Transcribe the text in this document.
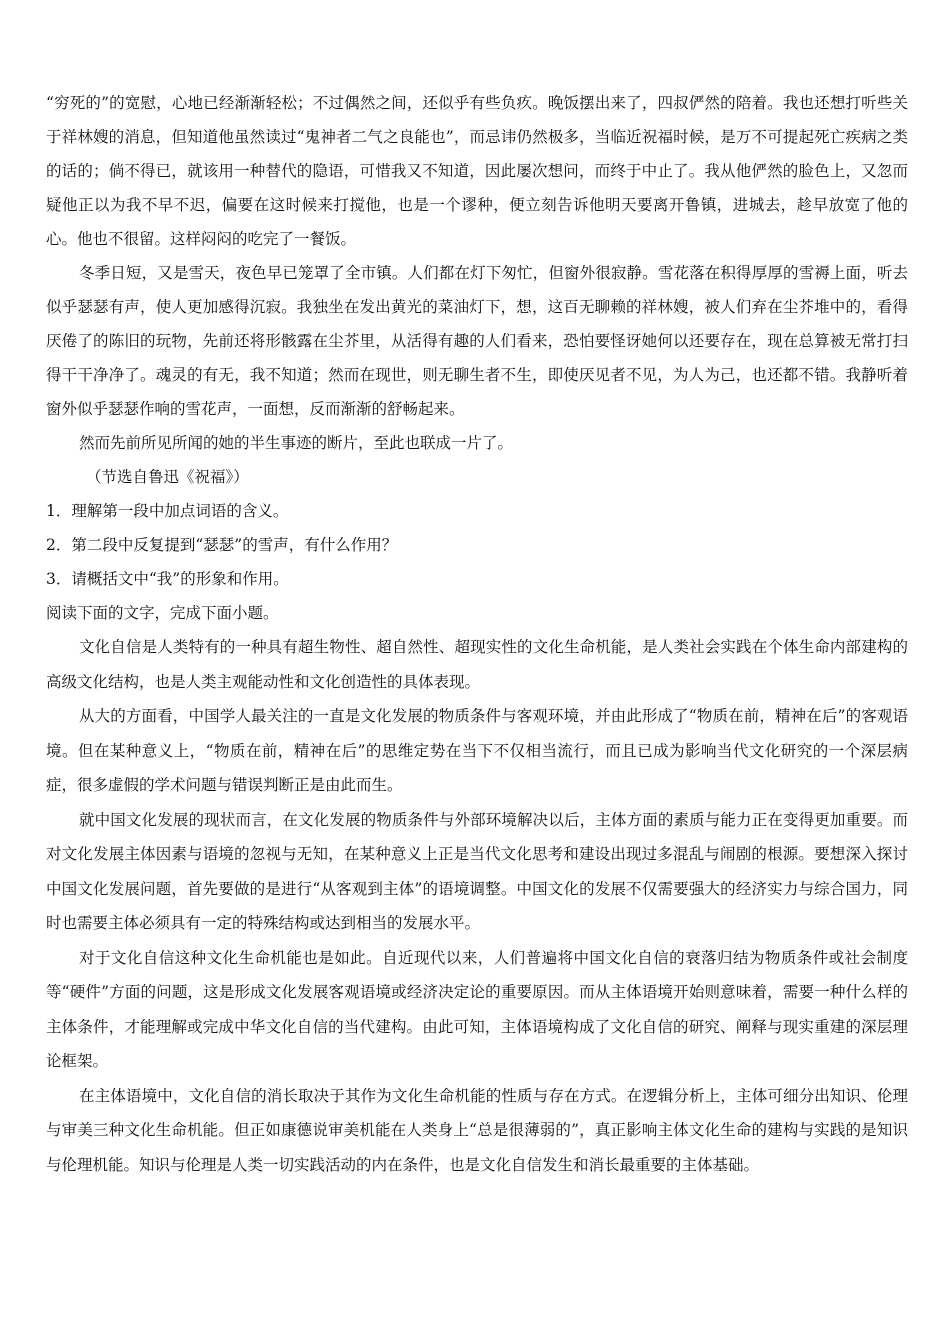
“穷死的”的宽慰，心地已经渐渐轻松；不过偶然之间，还似乎有些负疚。晚饭摆出来了，四叔俨然的陪着。我也还想打听些关于祥林嫂的消息，但知道他虽然读过“鬼神者二气之良能也”，而忌讳仍然极多，当临近祝福时候，是万不可提起死亡疾病之类的话的；倘不得已，就该用一种替代的隐语，可惜我又不知道，因此屡次想问，而终于中止了。我从他俨然的脸色上，又忽而疑他正以为我不早不迟，偏要在这时候来打搅他，也是一个谬种，便立刻告诉他明天要离开鲁镇，进城去，趁早放宽了他的心。他也不很留。这样闷闷的吃完了一餐饭。

冬季日短，又是雪天，夜色早已笼罩了全市镇。人们都在灯下匆忙，但窗外很寂静。雪花落在积得厚厚的雪褥上面，听去似乎瑟瑟有声，使人更加感得沉寂。我独坐在发出黄光的菜油灯下，想，这百无聊赖的祥林嫂，被人们弃在尘芥堆中的，看得厌倦了的陈旧的玩物，先前还将形骸露在尘芥里，从活得有趣的人们看来，恐怕要怪讶她何以还要存在，现在总算被无常打扫得干干净净了。魂灵的有无，我不知道；然而在现世，则无聊生者不生，即使厌见者不见，为人为己，也还都不错。我静听着窗外似乎瑟瑟作响的雪花声，一面想，反而渐渐的舒畅起来。

然而先前所见所闻的她的半生事迹的断片，至此也联成一片了。

（节选自鲁迅《祝福》）

1．理解第一段中加点词语的含义。

2．第二段中反复提到“瑟瑟”的雪声，有什么作用？

3．请概括文中“我”的形象和作用。

阅读下面的文字，完成下面小题。

文化自信是人类特有的一种具有超生物性、超自然性、超现实性的文化生命机能，是人类社会实践在个体生命内部建构的高级文化结构，也是人类主观能动性和文化创造性的具体表现。

从大的方面看，中国学人最关注的一直是文化发展的物质条件与客观环境，并由此形成了“物质在前，精神在后”的客观语境。但在某种意义上，“物质在前，精神在后”的思维定势在当下不仅相当流行，而且已成为影响当代文化研究的一个深层病症，很多虚假的学术问题与错误判断正是由此而生。

就中国文化发展的现状而言，在文化发展的物质条件与外部环境解决以后，主体方面的素质与能力正在变得更加重要。而对文化发展主体因素与语境的忽视与无知，在某种意义上正是当代文化思考和建设出现过多混乱与闹剧的根源。要想深入探讨中国文化发展问题，首先要做的是进行“从客观到主体”的语境调整。中国文化的发展不仅需要强大的经济实力与综合国力，同时也需要主体必须具有一定的特殊结构或达到相当的发展水平。

对于文化自信这种文化生命机能也是如此。自近现代以来，人们普遍将中国文化自信的衰落归结为物质条件或社会制度等“硬件”方面的问题，这是形成文化发展客观语境或经济决定论的重要原因。而从主体语境开始则意味着，需要一种什么样的主体条件，才能理解或完成中华文化自信的当代建构。由此可知，主体语境构成了文化自信的研究、阐释与现实重建的深层理论框架。

在主体语境中，文化自信的消长取决于其作为文化生命机能的性质与存在方式。在逻辑分析上，主体可细分出知识、伦理与审美三种文化生命机能。但正如康德说审美机能在人类身上“总是很薄弱的”，真正影响主体文化生命的建构与实践的是知识与伦理机能。知识与伦理是人类一切实践活动的内在条件，也是文化自信发生和消长最重要的主体基础。
